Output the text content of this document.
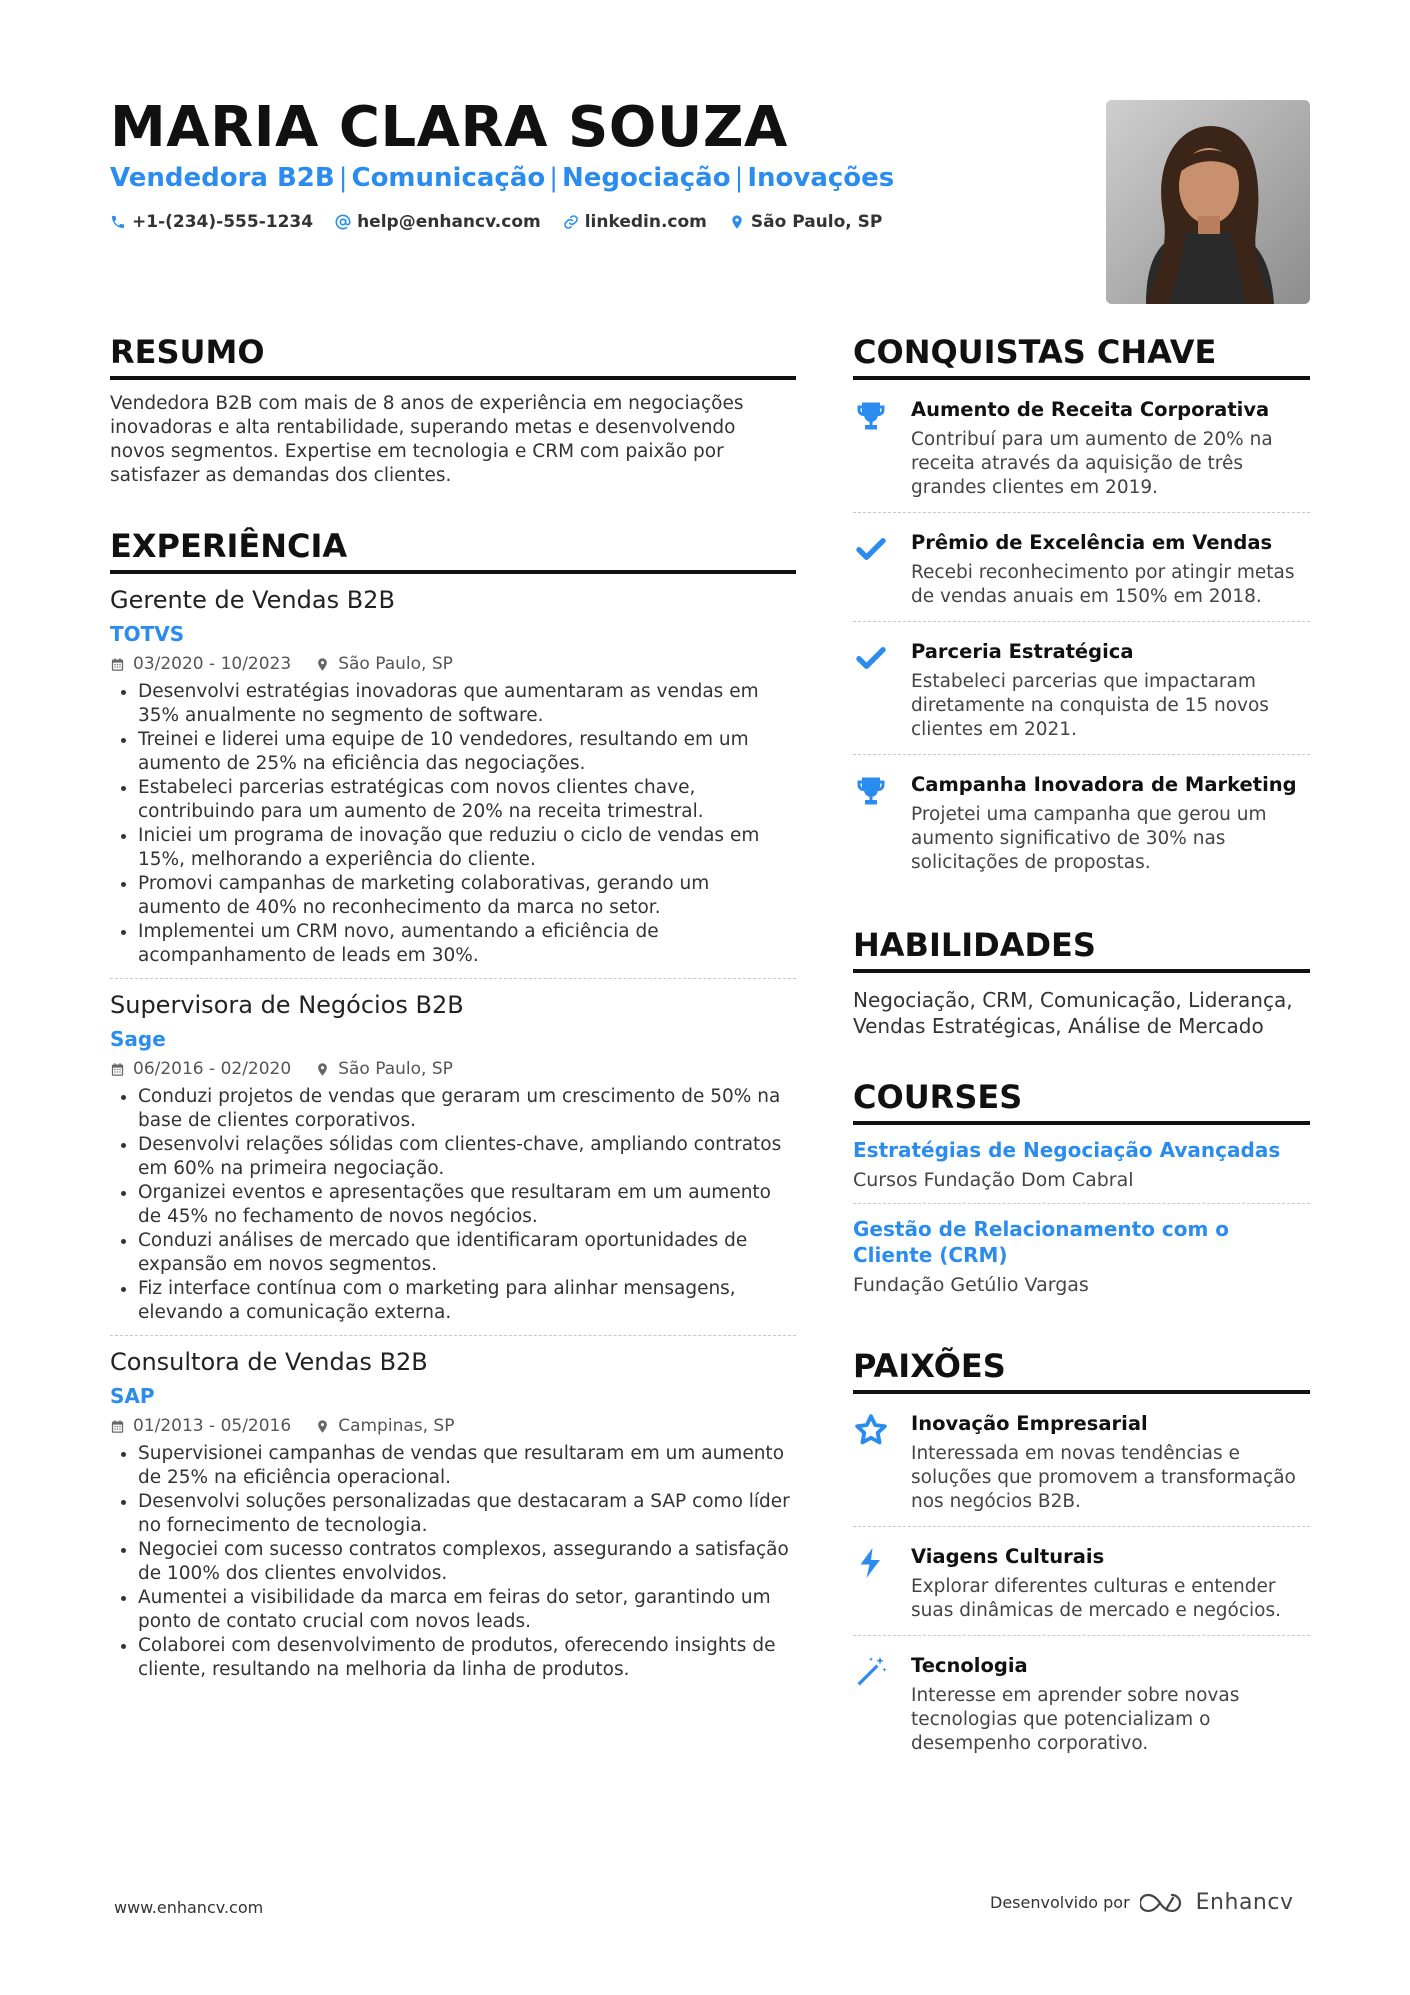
MARIA CLARA SOUZA
Vendedora B2B | Comunicação | Negociação | Inovações
+1-(234)-555-1234	help@enhancv.com	linkedin.com	São Paulo, SP
RESUMO
Vendedora B2B com mais de 8 anos de experiência em negociações inovadoras e alta rentabilidade, superando metas e desenvolvendo novos segmentos. Expertise em tecnologia e CRM com paixão por satisfazer as demandas dos clientes.
EXPERIÊNCIA
Gerente de Vendas B2B
TOTVS
03/2020 - 10/2023	São Paulo, SP
• Desenvolvi estratégias inovadoras que aumentaram as vendas em 35% anualmente no segmento de software.
• Treinei e liderei uma equipe de 10 vendedores, resultando em um aumento de 25% na eficiência das negociações.
• Estabeleci parcerias estratégicas com novos clientes chave, contribuindo para um aumento de 20% na receita trimestral.
• Iniciei um programa de inovação que reduziu o ciclo de vendas em 15%, melhorando a experiência do cliente.
• Promovi campanhas de marketing colaborativas, gerando um aumento de 40% no reconhecimento da marca no setor.
• Implementei um CRM novo, aumentando a eficiência de acompanhamento de leads em 30%.
Supervisora de Negócios B2B
Sage
06/2016 - 02/2020	São Paulo, SP
• Conduzi projetos de vendas que geraram um crescimento de 50% na base de clientes corporativos.
• Desenvolvi relações sólidas com clientes-chave, ampliando contratos em 60% na primeira negociação.
• Organizei eventos e apresentações que resultaram em um aumento de 45% no fechamento de novos negócios.
• Conduzi análises de mercado que identificaram oportunidades de expansão em novos segmentos.
• Fiz interface contínua com o marketing para alinhar mensagens, elevando a comunicação externa.
Consultora de Vendas B2B
SAP
01/2013 - 05/2016	Campinas, SP
• Supervisionei campanhas de vendas que resultaram em um aumento de 25% na eficiência operacional.
• Desenvolvi soluções personalizadas que destacaram a SAP como líder no fornecimento de tecnologia.
• Negociei com sucesso contratos complexos, assegurando a satisfação de 100% dos clientes envolvidos.
• Aumentei a visibilidade da marca em feiras do setor, garantindo um ponto de contato crucial com novos leads.
• Colaborei com desenvolvimento de produtos, oferecendo insights de cliente, resultando na melhoria da linha de produtos.
CONQUISTAS CHAVE
Aumento de Receita Corporativa
Contribuí para um aumento de 20% na receita através da aquisição de três grandes clientes em 2019.
Prêmio de Excelência em Vendas
Recebi reconhecimento por atingir metas de vendas anuais em 150% em 2018.
Parceria Estratégica
Estabeleci parcerias que impactaram diretamente na conquista de 15 novos clientes em 2021.
Campanha Inovadora de Marketing
Projetei uma campanha que gerou um aumento significativo de 30% nas solicitações de propostas.
HABILIDADES
Negociação, CRM, Comunicação, Liderança, Vendas Estratégicas, Análise de Mercado
COURSES
Estratégias de Negociação Avançadas
Cursos Fundação Dom Cabral
Gestão de Relacionamento com o Cliente (CRM)
Fundação Getúlio Vargas
PAIXÕES
Inovação Empresarial
Interessada em novas tendências e soluções que promovem a transformação nos negócios B2B.
Viagens Culturais
Explorar diferentes culturas e entender suas dinâmicas de mercado e negócios.
Tecnologia
Interesse em aprender sobre novas tecnologias que potencializam o desempenho corporativo.
www.enhancv.com	Desenvolvido por	Enhancv
